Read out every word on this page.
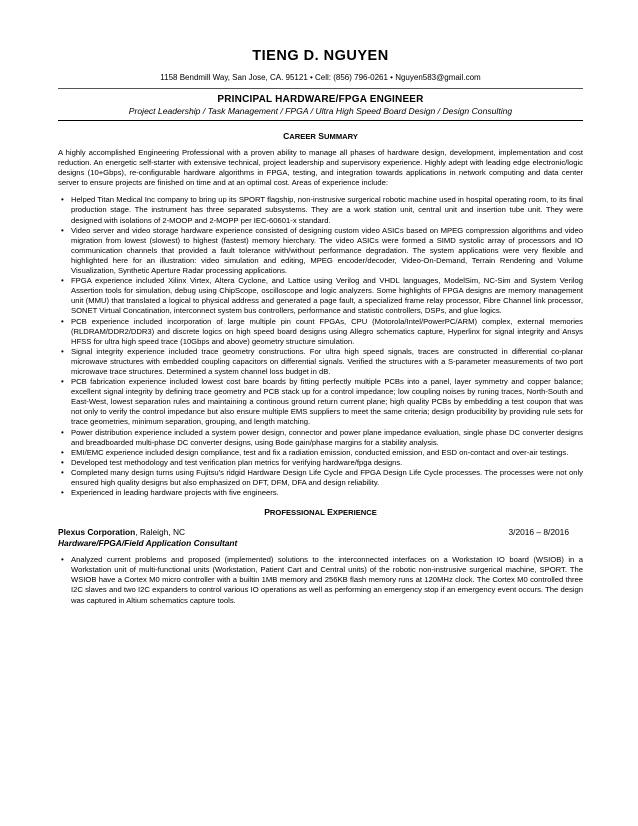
TIENG D. NGUYEN
1158 Bendmill Way, San Jose, CA. 95121 • Cell: (856) 796-0261 • Nguyen583@gmail.com
PRINCIPAL HARDWARE/FPGA ENGINEER
Project Leadership / Task Management / FPGA / Ultra High Speed Board Design / Design Consulting
CAREER SUMMARY
A highly accomplished Engineering Professional with a proven ability to manage all phases of hardware design, development, implementation and cost reduction. An energetic self-starter with extensive technical, project leadership and supervisory experience. Highly adept with leading edge electronic/logic designs (10+Gbps), re-configurable hardware algorithms in FPGA, testing, and integration towards applications in network computing and data center server to ensure projects are finished on time and at an optimal cost. Areas of experience include:
• Helped Titan Medical Inc company to bring up its SPORT flagship, non-instrusive surgerical robotic machine used in hospital operating room, to its final production stage. The instrument has three separated subsystems. They are a work station unit, central unit and insertion tube unit. They were designed with isolations of 2-MOOP and 2-MOPP per IEC-60601-x standard.
• Video server and video storage hardware experience consisted of designing custom video ASICs based on MPEG compression algorithms and video migration from lowest (slowest) to highest (fastest) memory hierchary. The video ASICs were formed a SIMD systolic array of processors and IO communication channels that provided a fault tolerance with/without performance degradation. The system applications were very flexible and highlighted here for an illustration: video simulation and editing, MPEG encoder/decoder, Video-On-Demand, Terrain Rendering and Volume Visualization, Synthetic Aperture Radar processing applications.
• FPGA experience included Xilinx Virtex, Altera Cyclone, and Lattice using Verilog and VHDL languages, ModelSim, NC-Sim and System Verilog Assertion tools for simulation, debug using ChipScope, oscilloscope and logic analyzers. Some highlights of FPGA designs are memory management unit (MMU) that translated a logical to physical address and generated a page fault, a specialized frame relay processor, Fibre Channel link processor, SONET Virtual Concatination, interconnect system bus controllers, performance and statistic controllers, DSPs, and glue logics.
• PCB experience included incorporation of large multiple pin count FPGAs, CPU (Motorola/Intel/PowerPC/ARM) complex, external memories (RLDRAM/DDR2/DDR3) and discrete logics on high speed board designs using Allegro schematics capture, Hyperlinx for signal integrity and Ansys HFSS for ultra high speed trace (10Gbps and above) geometry structure simulation.
• Signal integrity experience included trace geometry constructions. For ultra high speed signals, traces are constructed in differential co-planar microwave structures with embedded coupling capacitors on differential signals. Verified the structures with a S-parameter measurements of two port microwave trace structures. Determined a system channel loss budget in dB.
• PCB fabrication experience included lowest cost bare boards by fitting perfectly multiple PCBs into a panel, layer symmetry and copper balance; excellent signal integrity by defining trace geometry and PCB stack up for a control impedance; low coupling noises by runing traces, North-South and East-West, lowest separation rules and maintaining a continous ground return current plane; high quality PCBs by embedding a test coupon that was not only to verify the control impedance but also ensure multiple EMS suppliers to meet the same criteria; design producibility by providing rule sets for trace geometries, minimum separation, grouping, and length matching.
• Power distribution experience included a system power design, connector and power plane impedance evaluation, single phase DC converter designs and breadboarded multi-phase DC converter designs, using Bode gain/phase margins for a stability analysis.
• EMI/EMC experience included design compliance, test and fix a radiation emission, conducted emission, and ESD on-contact and over-air testings.
• Developed test methodology and test verification plan metrics for verifying hardware/fpga designs.
• Completed many design turns using Fujitsu's ridgid Hardware Design Life Cycle and FPGA Design Life Cycle processes. The processes were not only ensured high quality designs but also emphasized on DFT, DFM, DFA and design reliability.
• Experienced in leading hardware projects with five engineers.
PROFESSIONAL EXPERIENCE
Plexus Corporation, Raleigh, NC	3/2016 – 8/2016
Hardware/FPGA/Field Application Consultant
• Analyzed current problems and proposed (implemented) solutions to the interconnected interfaces on a Workstation IO board (WSIOB) in a Workstation unit of multi-functional units (Workstation, Patient Cart and Central units) of the robotic non-instrusive surgerical machine, SPORT. The WSIOB have a Cortex M0 micro controller with a builtin 1MB memory and 256KB flash memory runs at 120MHz clock. The Cortex M0 controlled three I2C slaves and two I2C expanders to control various IO operations as well as performing an emergency stop if an emergency event occurs. The design was captured in Altium schematics capture tools.
